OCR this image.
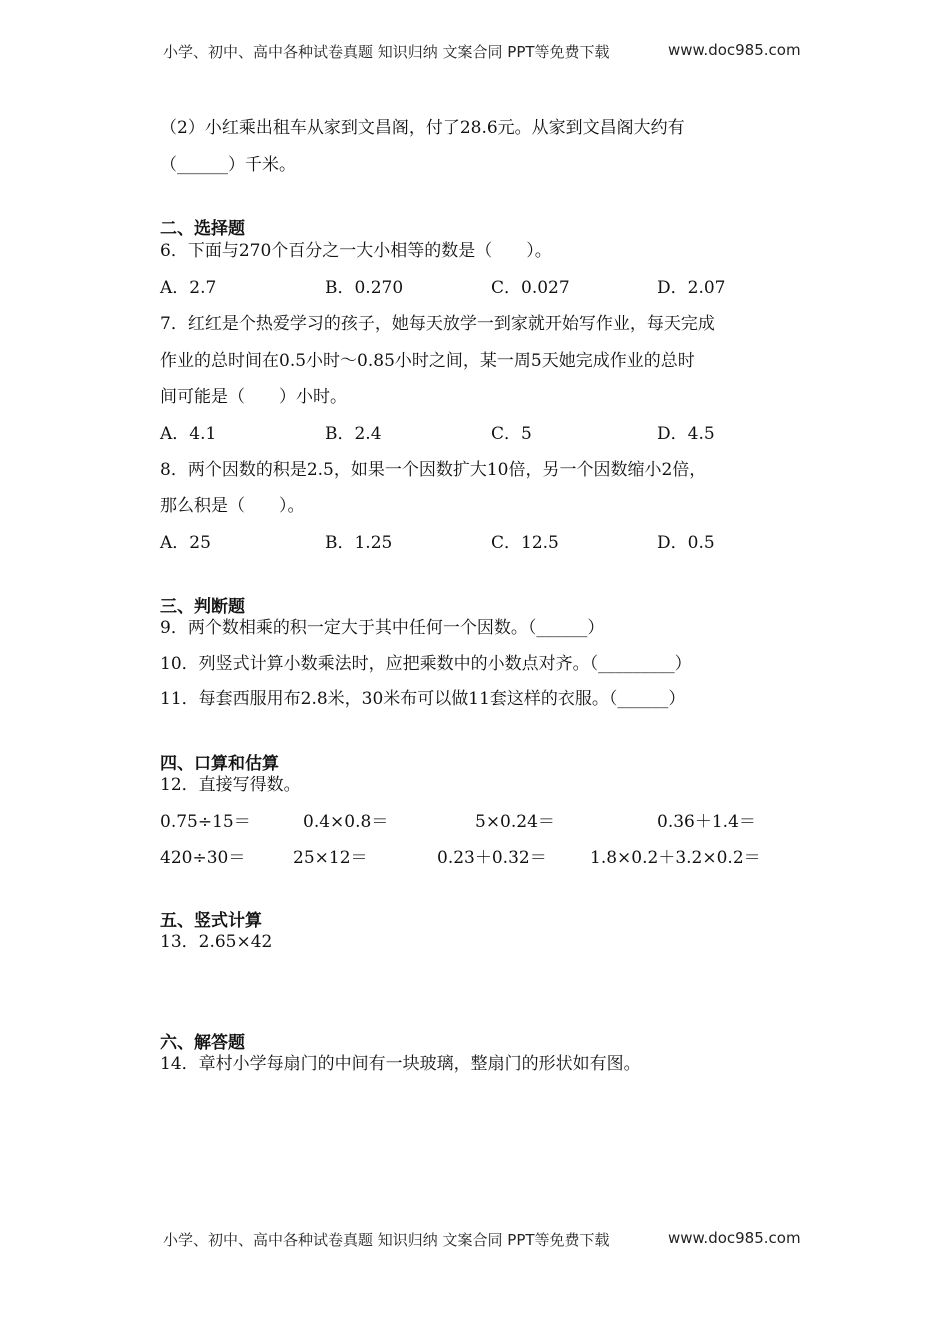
小学、初中、高中各种试卷真题 知识归纳 文案合同 PPT等免费下载	www.doc985.com
（2）小红乘出租车从家到文昌阁，付了28.6元。从家到文昌阁大约有
（______）千米。
二、选择题
6．下面与270个百分之一大小相等的数是（　　）。
A．2.7	B．0.270	C．0.027	D．2.07
7．红红是个热爱学习的孩子，她每天放学一到家就开始写作业，每天完成
作业的总时间在0.5小时～0.85小时之间，某一周5天她完成作业的总时
间可能是（　　）小时。
A．4.1	B．2.4	C．5	D．4.5
8．两个因数的积是2.5，如果一个因数扩大10倍，另一个因数缩小2倍，
那么积是（　　）。
A．25	B．1.25	C．12.5	D．0.5
三、判断题
9．两个数相乘的积一定大于其中任何一个因数。（______）
10．列竖式计算小数乘法时，应把乘数中的小数点对齐。（_________）
11．每套西服用布2.8米，30米布可以做11套这样的衣服。（______）
四、口算和估算
12．直接写得数。
0.75÷15＝	0.4×0.8＝	5×0.24＝	0.36＋1.4＝
420÷30＝	25×12＝	0.23＋0.32＝	1.8×0.2＋3.2×0.2＝
五、竖式计算
13．2.65×42
六、解答题
14．章村小学每扇门的中间有一块玻璃，整扇门的形状如有图。
小学、初中、高中各种试卷真题 知识归纳 文案合同 PPT等免费下载	www.doc985.com
